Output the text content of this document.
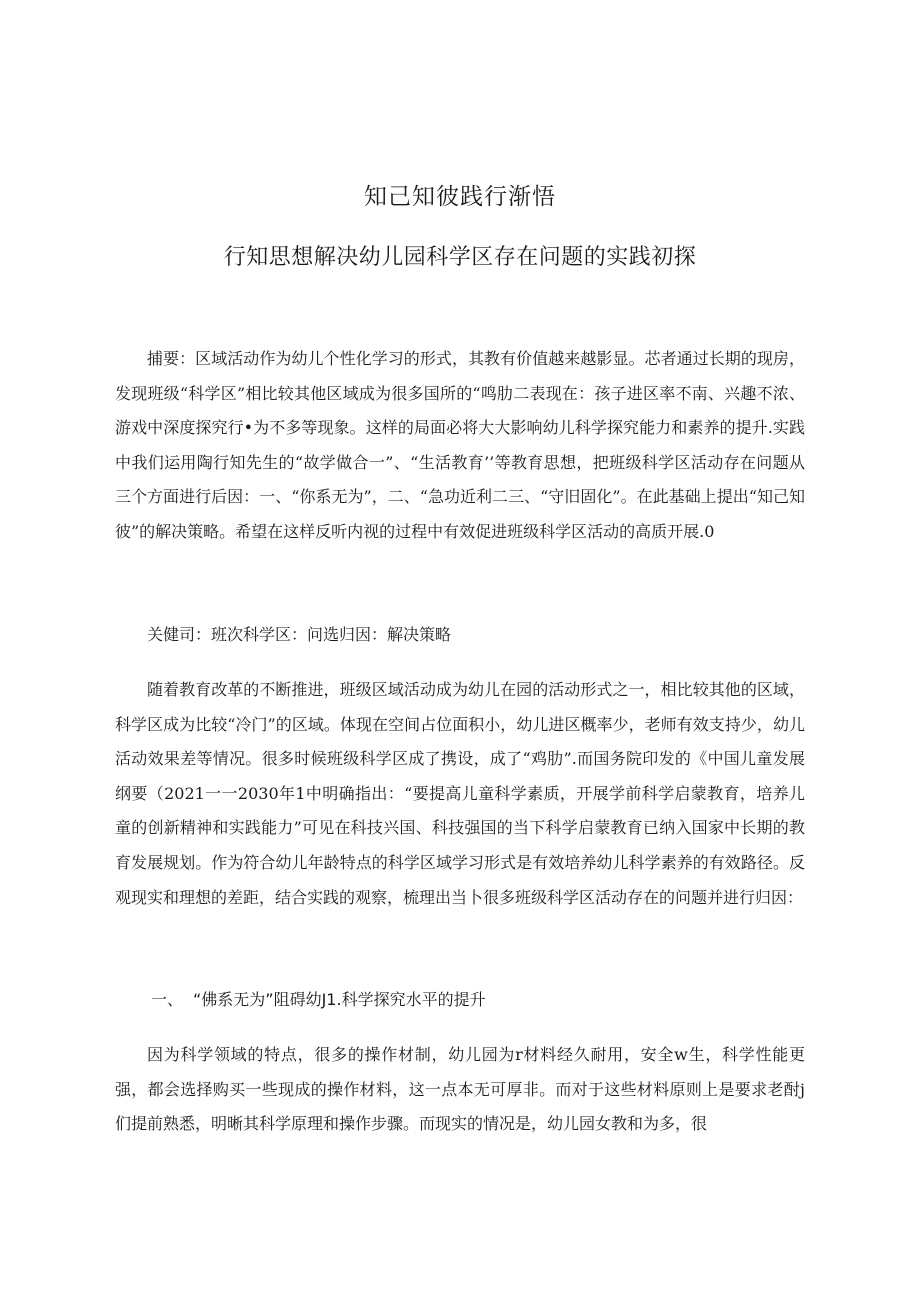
知己知彼践行渐悟
行知思想解决幼儿园科学区存在问题的实践初探

捕要：区域活动作为幼儿个性化学习的形式，其教有价值越来越影显。芯者通过长期的现房，发现班级“科学区”相比较其他区域成为很多国所的“鸣肋二表现在：孩子进区率不南、兴趣不浓、游戏中深度探究行•为不多等现象。这样的局面必将大大影响幼儿科学探究能力和素养的提升.实践中我们运用陶行知先生的“故学做合一”、“生活教育’’等教育思想，把班级科学区活动存在问题从三个方面进行后因：一、“你系无为”，二、“急功近利二三、“守旧固化”。在此基础上提出“知己知彼”的解决策略。希望在这样反听内视的过程中有效促进班级科学区活动的高质开展.0

关健司：班次科学区：问选归因：解决策略

随着教育改革的不断推进，班级区域活动成为幼儿在园的活动形式之一，相比较其他的区域，科学区成为比较“冷门”的区域。体现在空间占位面积小，幼儿进区概率少，老师有效支持少，幼儿活动效果差等情况。很多时候班级科学区成了携设，成了“鸡肋”.而国务院印发的《中国儿童发展纲要（2021一一2030年1中明确指出：“要提高儿童科学素质，开展学前科学启蒙教育，培养儿童的创新精神和实践能力”可见在科技兴国、科技强国的当下科学启蒙教育已纳入国家中长期的教育发展规划。作为符合幼儿年龄特点的科学区域学习形式是有效培养幼儿科学素养的有效路径。反观现实和理想的差距，结合实践的观察，梳理出当卜很多班级科学区活动存在的问题并进行归因：

一、 “佛系无为”阻碍幼J1.科学探究水平的提升

因为科学领域的特点，很多的操作材制，幼儿园为r材料经久耐用，安全w生，科学性能更强，都会选择购买一些现成的操作材料，这一点本无可厚非。而对于这些材料原则上是要求老酎j们提前熟悉，明晰其科学原理和操作步骤。而现实的情况是，幼儿园女教和为多，很
